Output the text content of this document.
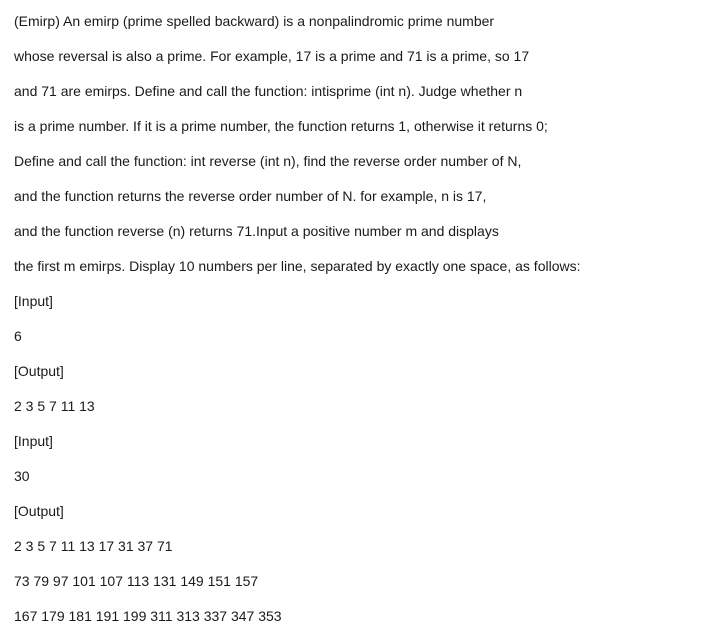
(Emirp) An emirp (prime spelled backward) is a nonpalindromic prime number
whose reversal is also a prime. For example, 17 is a prime and 71 is a prime, so 17
and 71 are emirps. Define and call the function: intisprime (int n). Judge whether n
is a prime number. If it is a prime number, the function returns 1, otherwise it returns 0;
Define and call the function: int reverse (int n), find the reverse order number of N,
and the function returns the reverse order number of N. for example, n is 17,
and the function reverse (n) returns 71.Input a positive number m and displays
the first m emirps. Display 10 numbers per line, separated by exactly one space, as follows:
[Input]
6
[Output]
2 3 5 7 11 13
[Input]
30
[Output]
2 3 5 7 11 13 17 31 37 71
73 79 97 101 107 113 131 149 151 157
167 179 181 191 199 311 313 337 347 353
